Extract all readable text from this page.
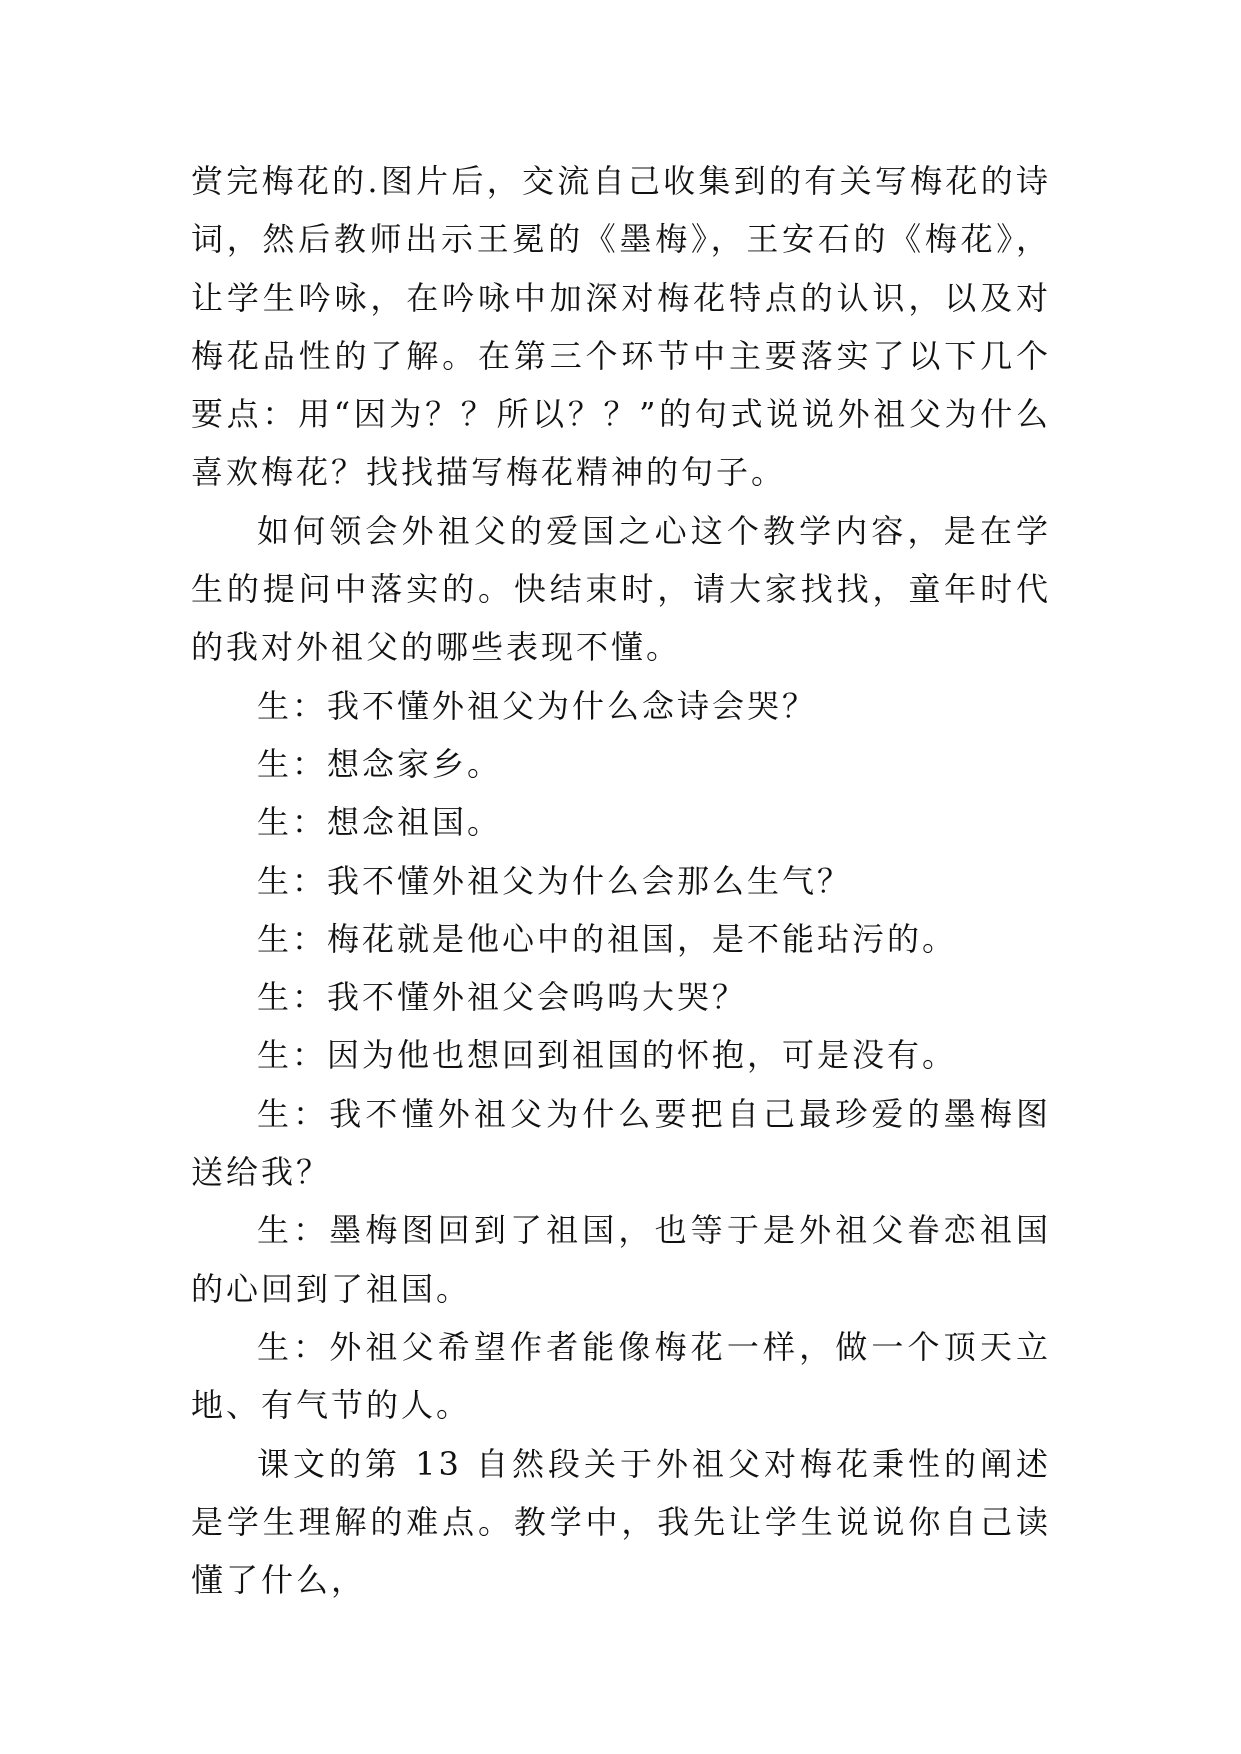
赏完梅花的.图片后，交流自己收集到的有关写梅花的诗词，然后教师出示王冕的《墨梅》，王安石的《梅花》，让学生吟咏，在吟咏中加深对梅花特点的认识，以及对梅花品性的了解。在第三个环节中主要落实了以下几个要点：用“因为？？所以？？”的句式说说外祖父为什么喜欢梅花？找找描写梅花精神的句子。

如何领会外祖父的爱国之心这个教学内容，是在学生的提问中落实的。快结束时，请大家找找，童年时代的我对外祖父的哪些表现不懂。

生：我不懂外祖父为什么念诗会哭？

生：想念家乡。

生：想念祖国。

生：我不懂外祖父为什么会那么生气？

生：梅花就是他心中的祖国，是不能玷污的。

生：我不懂外祖父会呜呜大哭？

生：因为他也想回到祖国的怀抱，可是没有。

生：我不懂外祖父为什么要把自己最珍爱的墨梅图送给我？

生：墨梅图回到了祖国，也等于是外祖父眷恋祖国的心回到了祖国。

生：外祖父希望作者能像梅花一样，做一个顶天立地、有气节的人。

课文的第 13 自然段关于外祖父对梅花秉性的阐述是学生理解的难点。教学中，我先让学生说说你自己读懂了什么，
